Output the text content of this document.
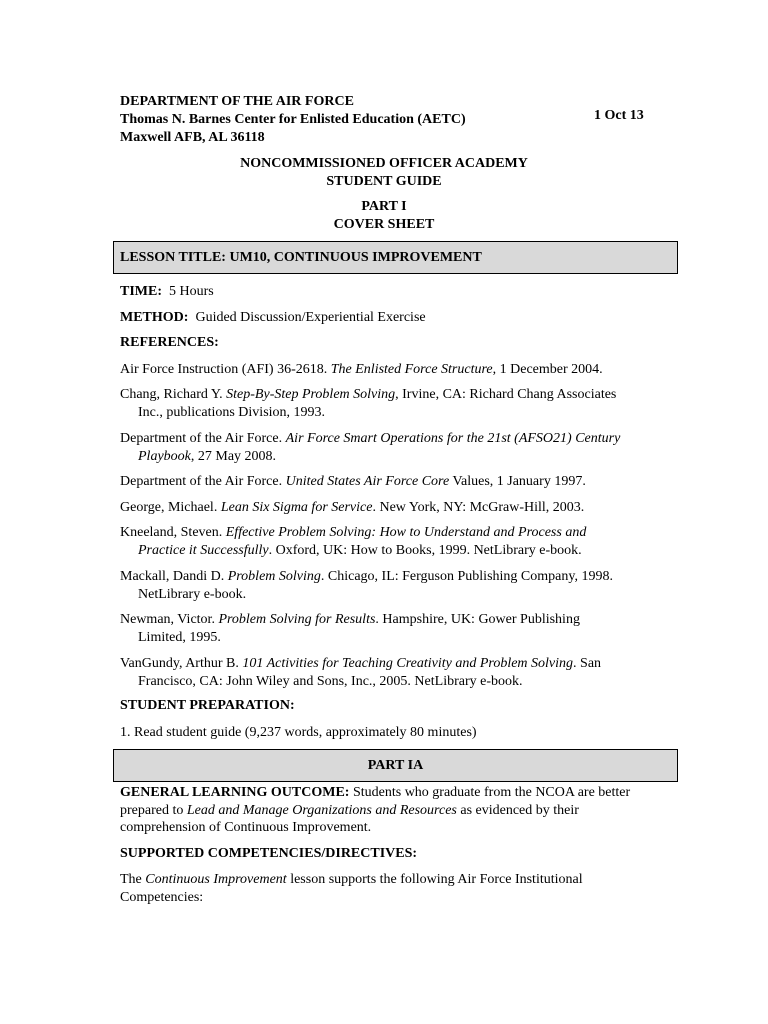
DEPARTMENT OF THE AIR FORCE
Thomas N. Barnes Center for Enlisted Education (AETC)
Maxwell AFB, AL 36118
1 Oct 13
NONCOMMISSIONED OFFICER ACADEMY
STUDENT GUIDE
PART I
COVER SHEET
LESSON TITLE: UM10, CONTINUOUS IMPROVEMENT
TIME: 5 Hours
METHOD: Guided Discussion/Experiential Exercise
REFERENCES:
Air Force Instruction (AFI) 36-2618. The Enlisted Force Structure, 1 December 2004.
Chang, Richard Y. Step-By-Step Problem Solving, Irvine, CA: Richard Chang Associates
Inc., publications Division, 1993.
Department of the Air Force. Air Force Smart Operations for the 21st (AFSO21) Century
Playbook, 27 May 2008.
Department of the Air Force. United States Air Force Core Values, 1 January 1997.
George, Michael. Lean Six Sigma for Service. New York, NY: McGraw-Hill, 2003.
Kneeland, Steven. Effective Problem Solving: How to Understand and Process and
Practice it Successfully. Oxford, UK: How to Books, 1999. NetLibrary e-book.
Mackall, Dandi D. Problem Solving. Chicago, IL: Ferguson Publishing Company, 1998.
NetLibrary e-book.
Newman, Victor. Problem Solving for Results. Hampshire, UK: Gower Publishing
Limited, 1995.
VanGundy, Arthur B. 101 Activities for Teaching Creativity and Problem Solving. San
Francisco, CA: John Wiley and Sons, Inc., 2005. NetLibrary e-book.
STUDENT PREPARATION:
1. Read student guide (9,237 words, approximately 80 minutes)
PART IA
GENERAL LEARNING OUTCOME: Students who graduate from the NCOA are better
prepared to Lead and Manage Organizations and Resources as evidenced by their
comprehension of Continuous Improvement.
SUPPORTED COMPETENCIES/DIRECTIVES:
The Continuous Improvement lesson supports the following Air Force Institutional
Competencies:
